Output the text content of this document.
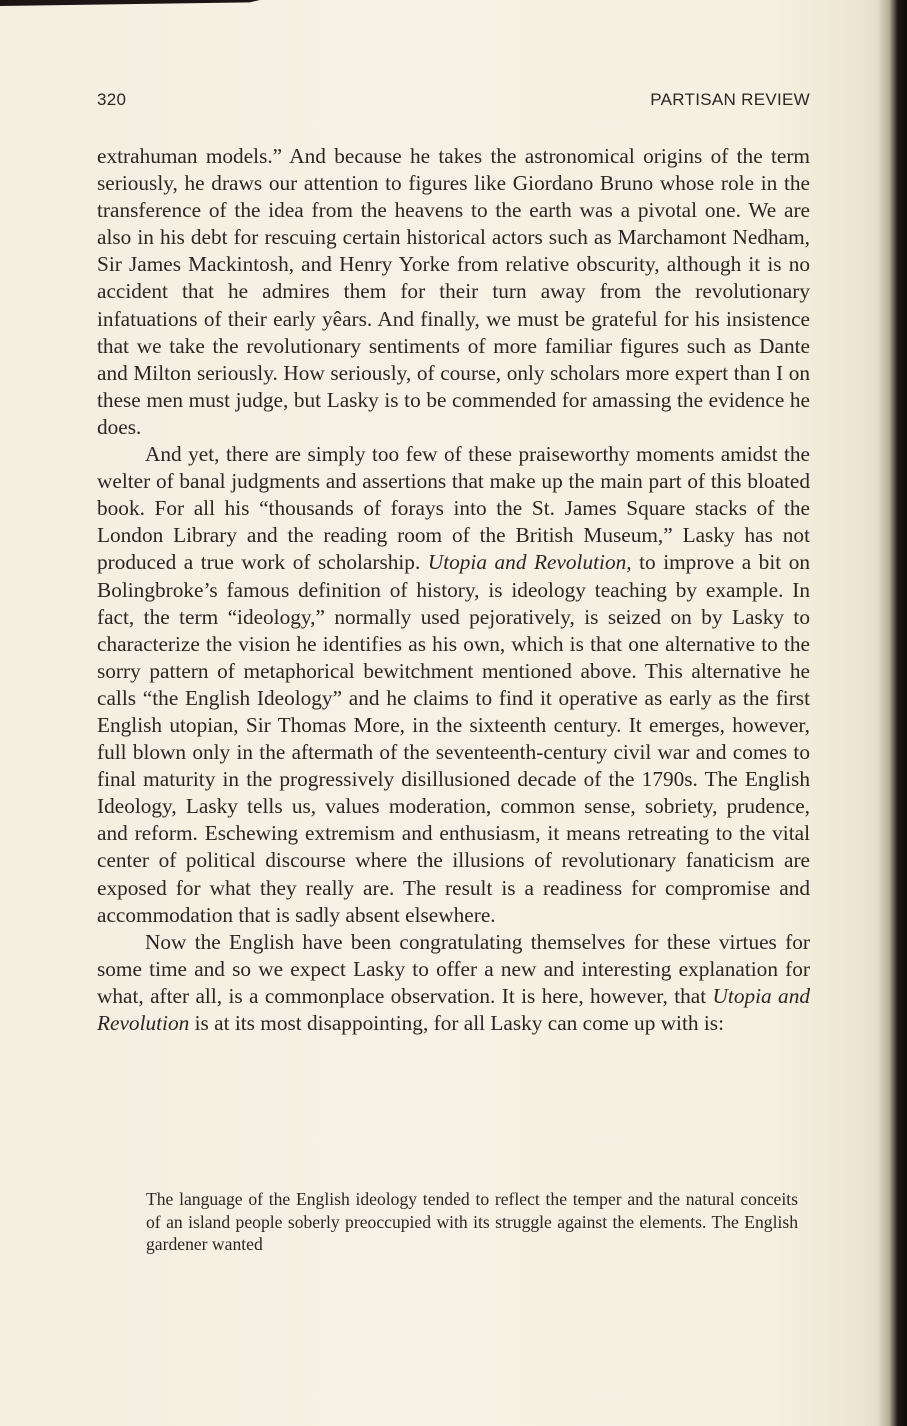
320	PARTISAN REVIEW

extrahuman models.” And because he takes the astronomical origins of the term seriously, he draws our attention to figures like Giordano Bruno whose role in the transference of the idea from the heavens to the earth was a pivotal one. We are also in his debt for rescuing certain historical actors such as Marchamont Nedham, Sir James Mackintosh, and Henry Yorke from relative obscurity, although it is no accident that he admires them for their turn away from the revolutionary infatuations of their early yêars. And finally, we must be grateful for his insistence that we take the revolutionary sentiments of more familiar figures such as Dante and Milton seriously. How seriously, of course, only scholars more expert than I on these men must judge, but Lasky is to be commended for amassing the evidence he does.

And yet, there are simply too few of these praiseworthy moments amidst the welter of banal judgments and assertions that make up the main part of this bloated book. For all his “thousands of forays into the St. James Square stacks of the London Library and the reading room of the British Museum,” Lasky has not produced a true work of scholarship. Utopia and Revolution, to improve a bit on Bolingbroke’s famous definition of history, is ideology teaching by example. In fact, the term “ideology,” normally used pejoratively, is seized on by Lasky to characterize the vision he identifies as his own, which is that one alternative to the sorry pattern of metaphorical bewitchment mentioned above. This alternative he calls “the English Ideology” and he claims to find it operative as early as the first English utopian, Sir Thomas More, in the sixteenth century. It emerges, however, full blown only in the aftermath of the seventeenth-century civil war and comes to final maturity in the progressively disillusioned decade of the 1790s. The English Ideology, Lasky tells us, values moderation, common sense, sobriety, prudence, and reform. Eschewing extremism and enthusiasm, it means retreating to the vital center of political discourse where the illusions of revolutionary fanaticism are exposed for what they really are. The result is a readiness for compromise and accommodation that is sadly absent elsewhere.

Now the English have been congratulating themselves for these virtues for some time and so we expect Lasky to offer a new and interesting explanation for what, after all, is a commonplace observation. It is here, however, that Utopia and Revolution is at its most disappointing, for all Lasky can come up with is:

The language of the English ideology tended to reflect the temper and the natural conceits of an island people soberly preoccupied with its struggle against the elements. The English gardener wanted
